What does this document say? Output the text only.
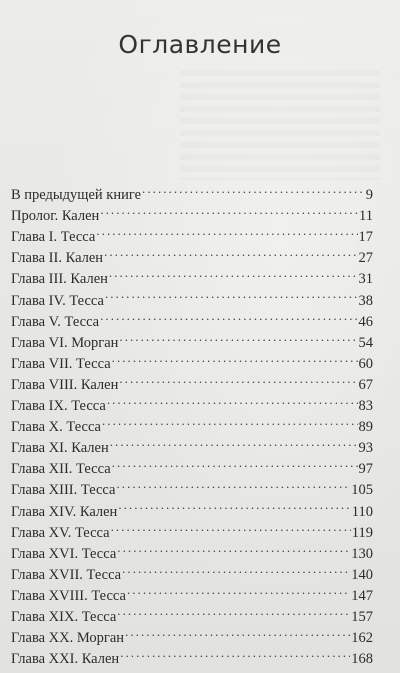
Оглавление
В предыдущей книге . . .	9
Пролог. Кален . . .	11
Глава I. Тесса . . .	17
Глава II. Кален . . .	27
Глава III. Кален . . .	31
Глава IV. Тесса . . .	38
Глава V. Тесса . . .	46
Глава VI. Морган . . .	54
Глава VII. Тесса . . .	60
Глава VIII. Кален . . .	67
Глава IX. Тесса . . .	83
Глава X. Тесса . . .	89
Глава XI. Кален . . .	93
Глава XII. Тесса . . .	97
Глава XIII. Тесса . . .	105
Глава XIV. Кален . . .	110
Глава XV. Тесса . . .	119
Глава XVI. Тесса . . .	130
Глава XVII. Тесса . . .	140
Глава XVIII. Тесса . . .	147
Глава XIX. Тесса . . .	157
Глава XX. Морган . . .	162
Глава XXI. Кален . . .	168
